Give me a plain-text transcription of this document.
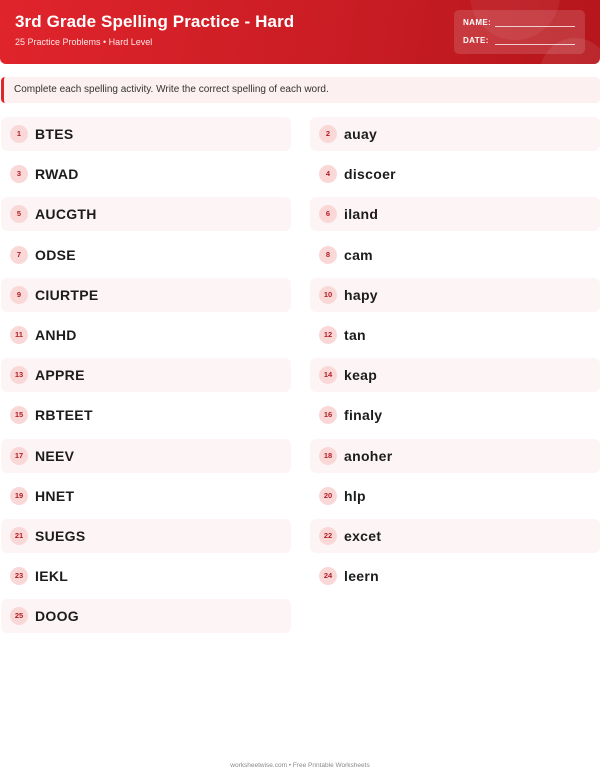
3rd Grade Spelling Practice - Hard
25 Practice Problems • Hard Level
NAME:
DATE:
Complete each spelling activity. Write the correct spelling of each word.
1 BTES	2 auay
3 RWAD	4 discoer
5 AUCGTH	6 iland
7 ODSE	8 cam
9 CIURTPE	10 hapy
11 ANHD	12 tan
13 APPRE	14 keap
15 RBTEET	16 finaly
17 NEEV	18 anoher
19 HNET	20 hlp
21 SUEGS	22 excet
23 IEKL	24 leern
25 DOOG
worksheetwise.com • Free Printable Worksheets
